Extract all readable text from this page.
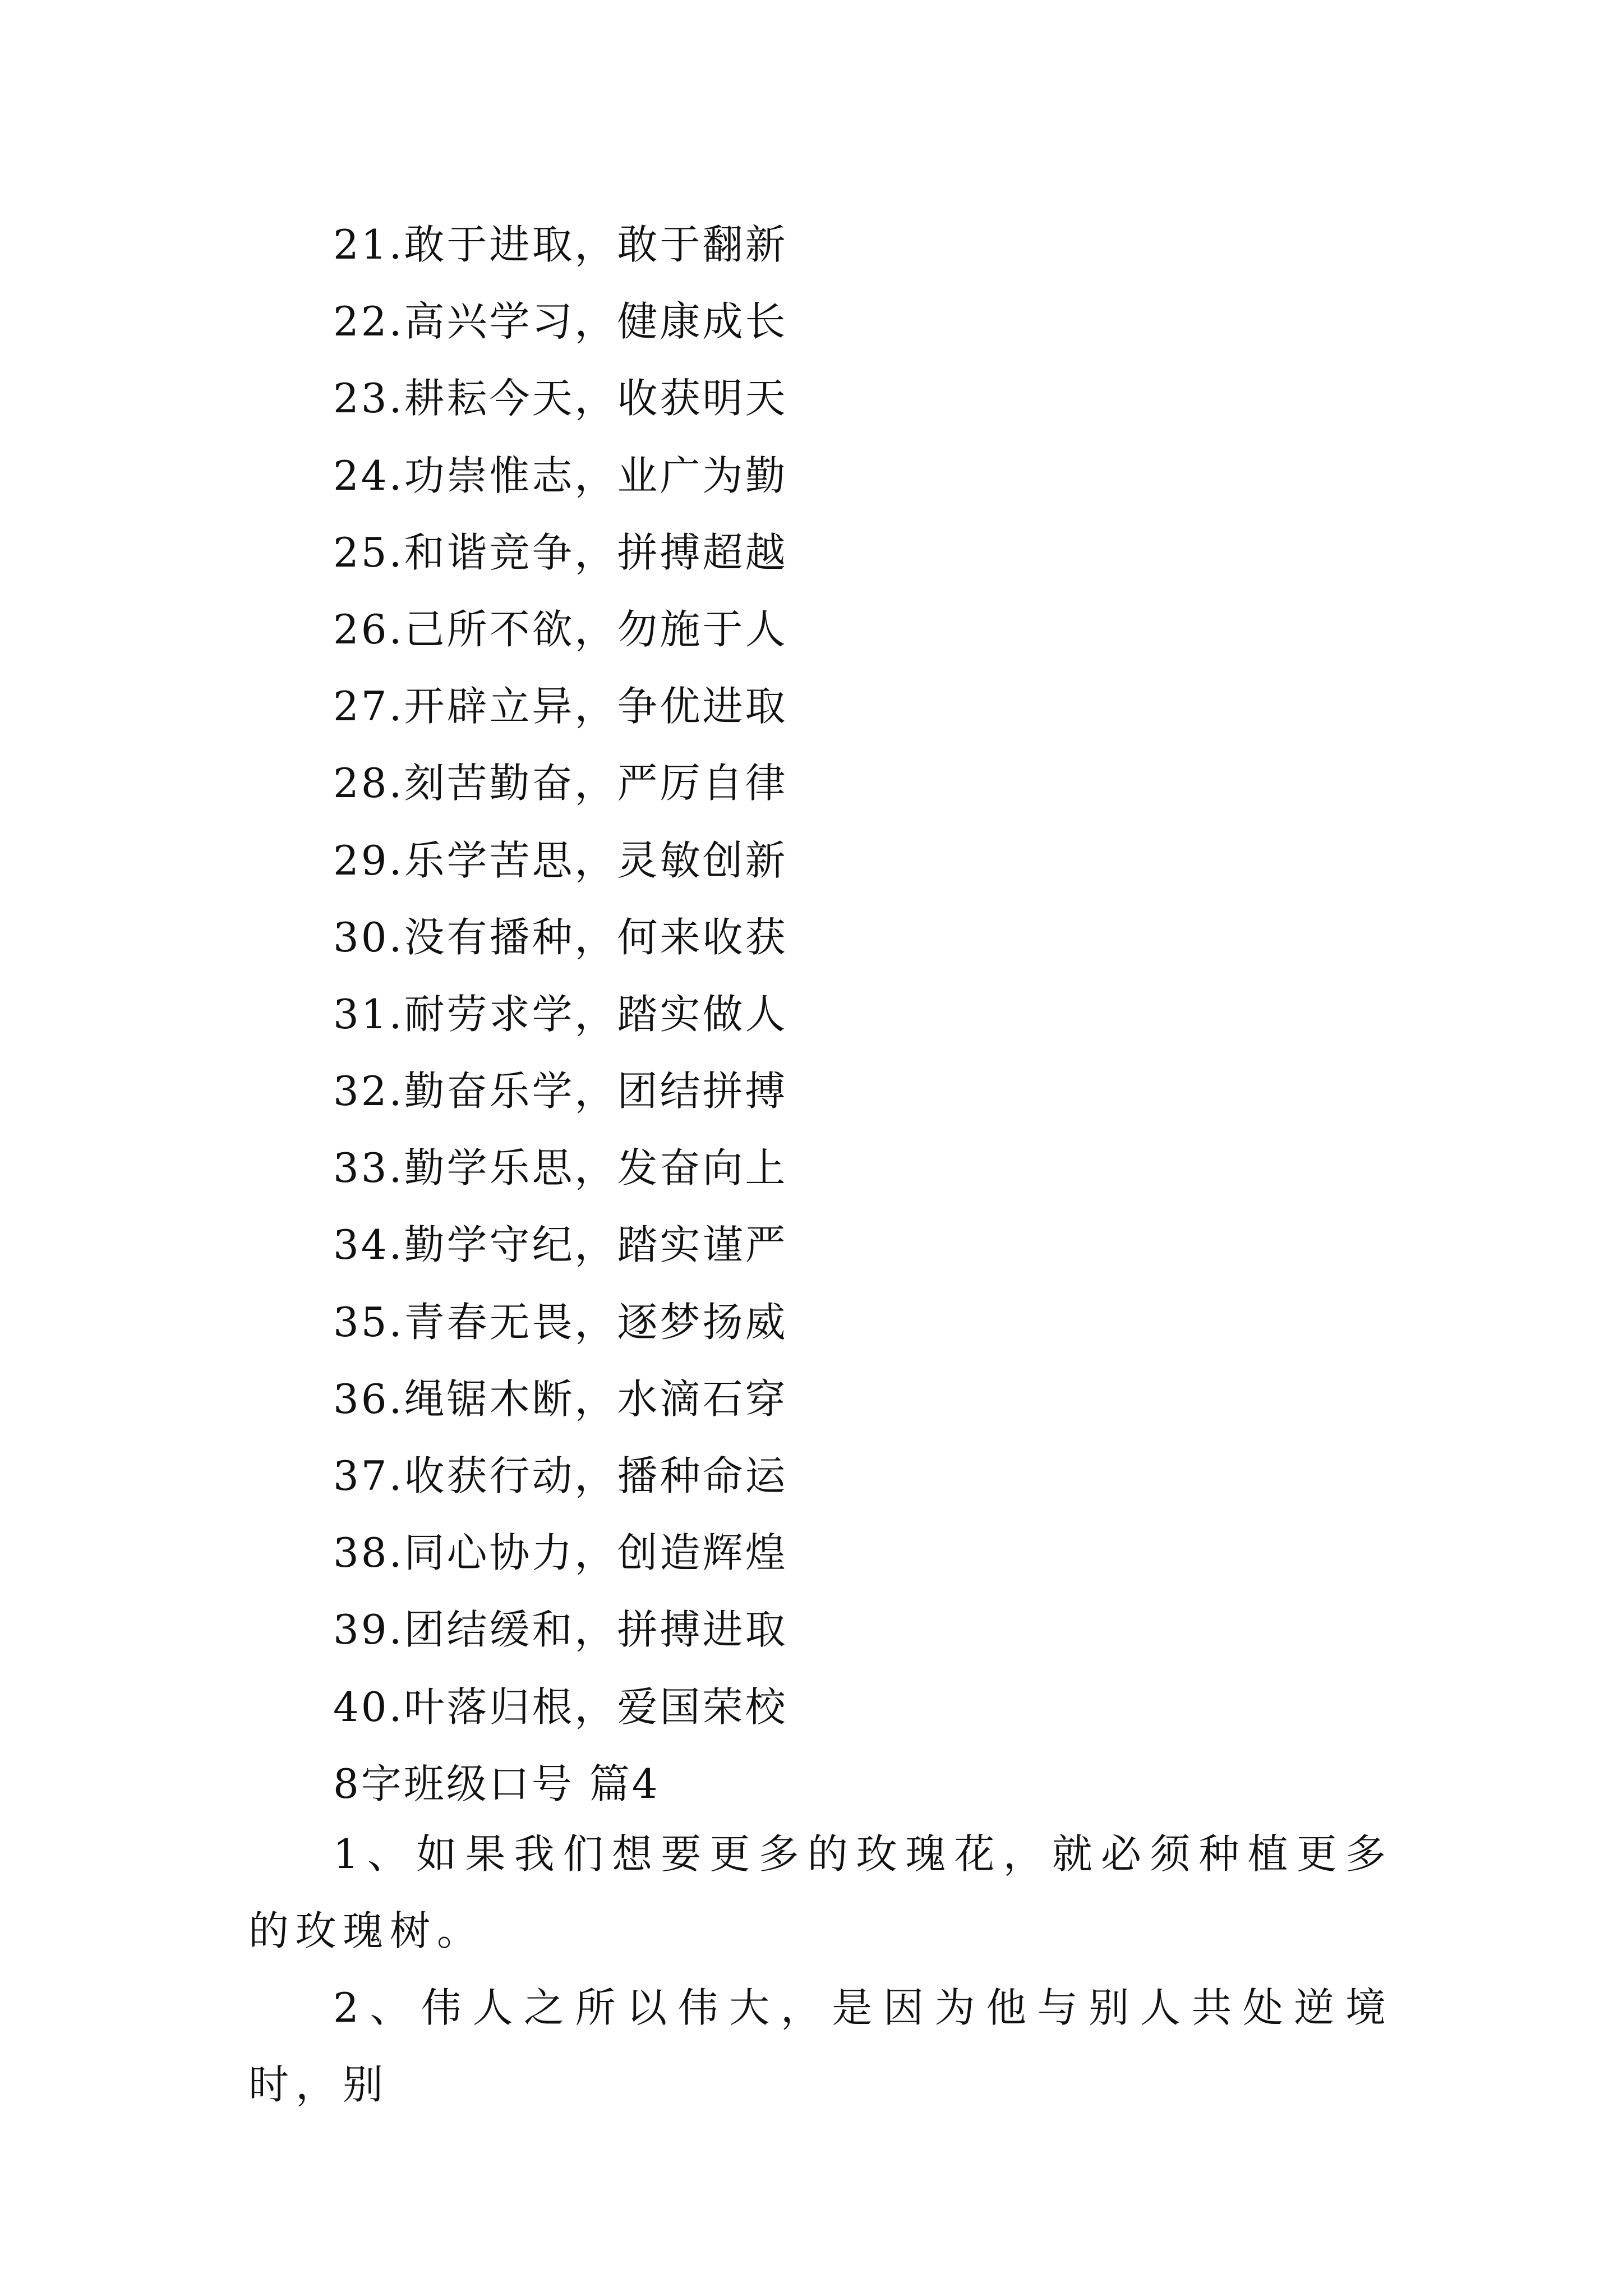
21.敢于进取，敢于翻新
22.高兴学习，健康成长
23.耕耘今天，收获明天
24.功崇惟志，业广为勤
25.和谐竞争，拼搏超越
26.己所不欲，勿施于人
27.开辟立异，争优进取
28.刻苦勤奋，严厉自律
29.乐学苦思，灵敏创新
30.没有播种，何来收获
31.耐劳求学，踏实做人
32.勤奋乐学，团结拼搏
33.勤学乐思，发奋向上
34.勤学守纪，踏实谨严
35.青春无畏，逐梦扬威
36.绳锯木断，水滴石穿
37.收获行动，播种命运
38.同心协力，创造辉煌
39.团结缓和，拼搏进取
40.叶落归根，爱国荣校
8字班级口号 篇4

1、如果我们想要更多的玫瑰花，就必须种植更多的玫瑰树。

2、伟人之所以伟大，是因为他与别人共处逆境时，别
